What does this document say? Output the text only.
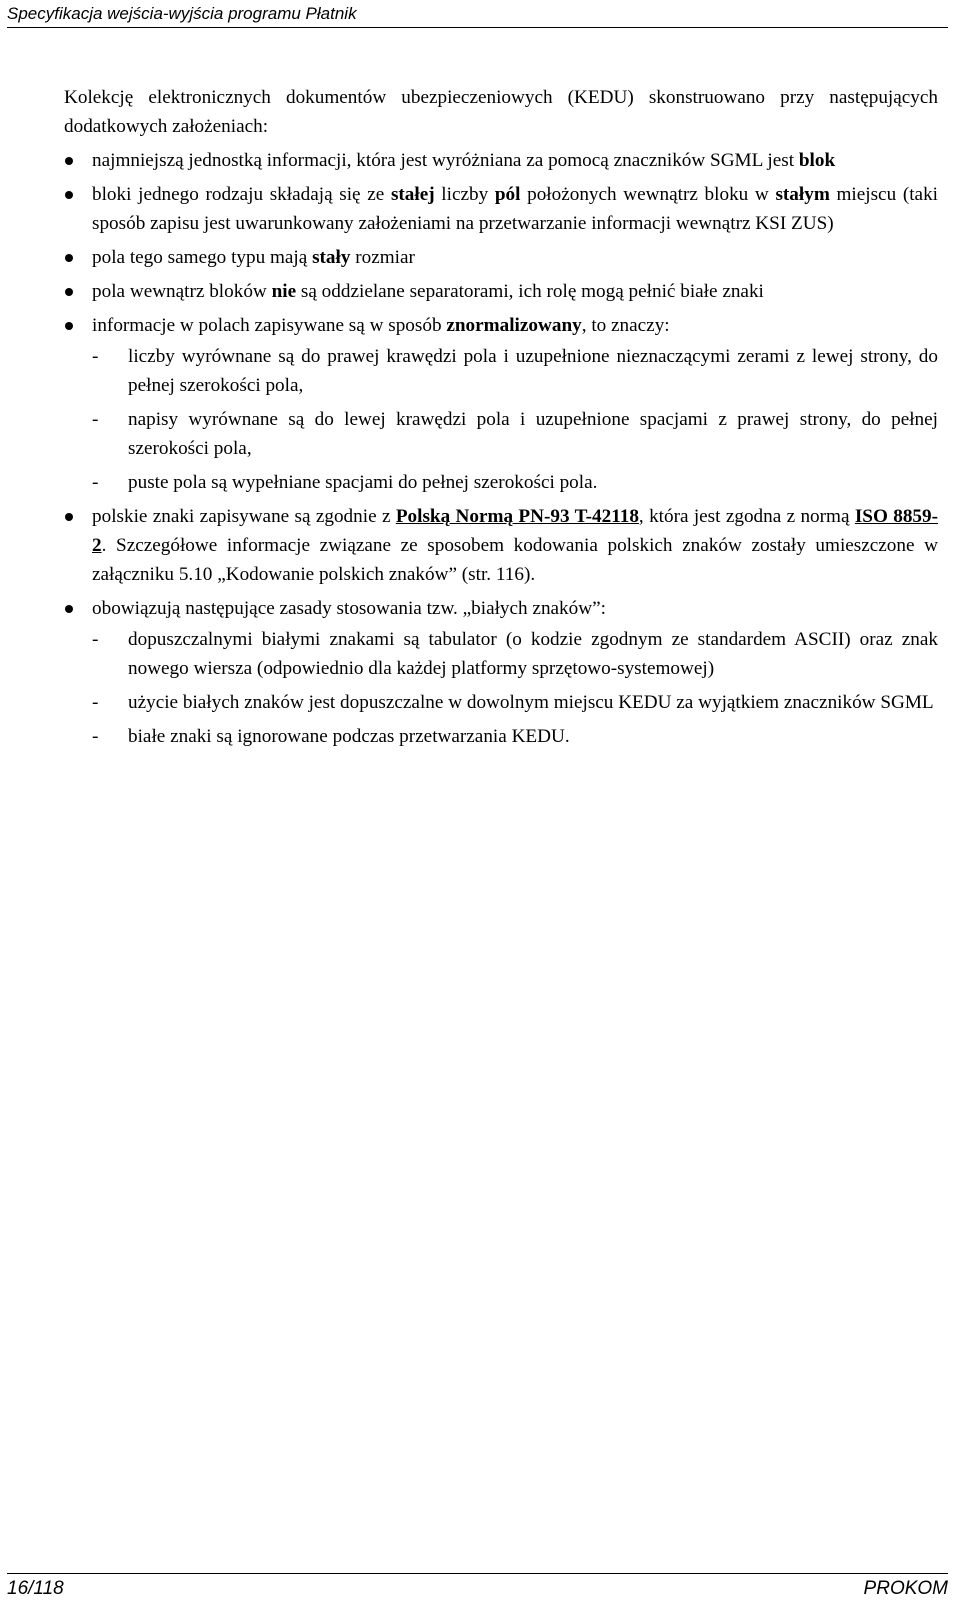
Specyfikacja wejścia-wyjścia programu Płatnik

Kolekcję elektronicznych dokumentów ubezpieczeniowych (KEDU) skonstruowano przy następujących dodatkowych założeniach:

najmniejszą jednostką informacji, która jest wyróżniana za pomocą znaczników SGML jest blok

bloki jednego rodzaju składają się ze stałej liczby pól położonych wewnątrz bloku w stałym miejscu (taki sposób zapisu jest uwarunkowany założeniami na przetwarzanie informacji wewnątrz KSI ZUS)

pola tego samego typu mają stały rozmiar

pola wewnątrz bloków nie są oddzielane separatorami, ich rolę mogą pełnić białe znaki

informacje w polach zapisywane są w sposób znormalizowany, to znaczy:

- liczby wyrównane są do prawej krawędzi pola i uzupełnione nieznaczącymi zerami z lewej strony, do pełnej szerokości pola,

- napisy wyrównane są do lewej krawędzi pola i uzupełnione spacjami z prawej strony, do pełnej szerokości pola,

- puste pola są wypełniane spacjami do pełnej szerokości pola.

polskie znaki zapisywane są zgodnie z Polską Normą PN-93 T-42118, która jest zgodna z normą ISO 8859-2. Szczegółowe informacje związane ze sposobem kodowania polskich znaków zostały umieszczone w załączniku 5.10 „Kodowanie polskich znaków” (str. 116).

obowiązują następujące zasady stosowania tzw. „białych znaków”:

- dopuszczalnymi białymi znakami są tabulator (o kodzie zgodnym ze standardem ASCII) oraz znak nowego wiersza (odpowiednio dla każdej platformy sprzętowo-systemowej)

- użycie białych znaków jest dopuszczalne w dowolnym miejscu KEDU za wyjątkiem znaczników SGML

- białe znaki są ignorowane podczas przetwarzania KEDU.

16/118	PROKOM
